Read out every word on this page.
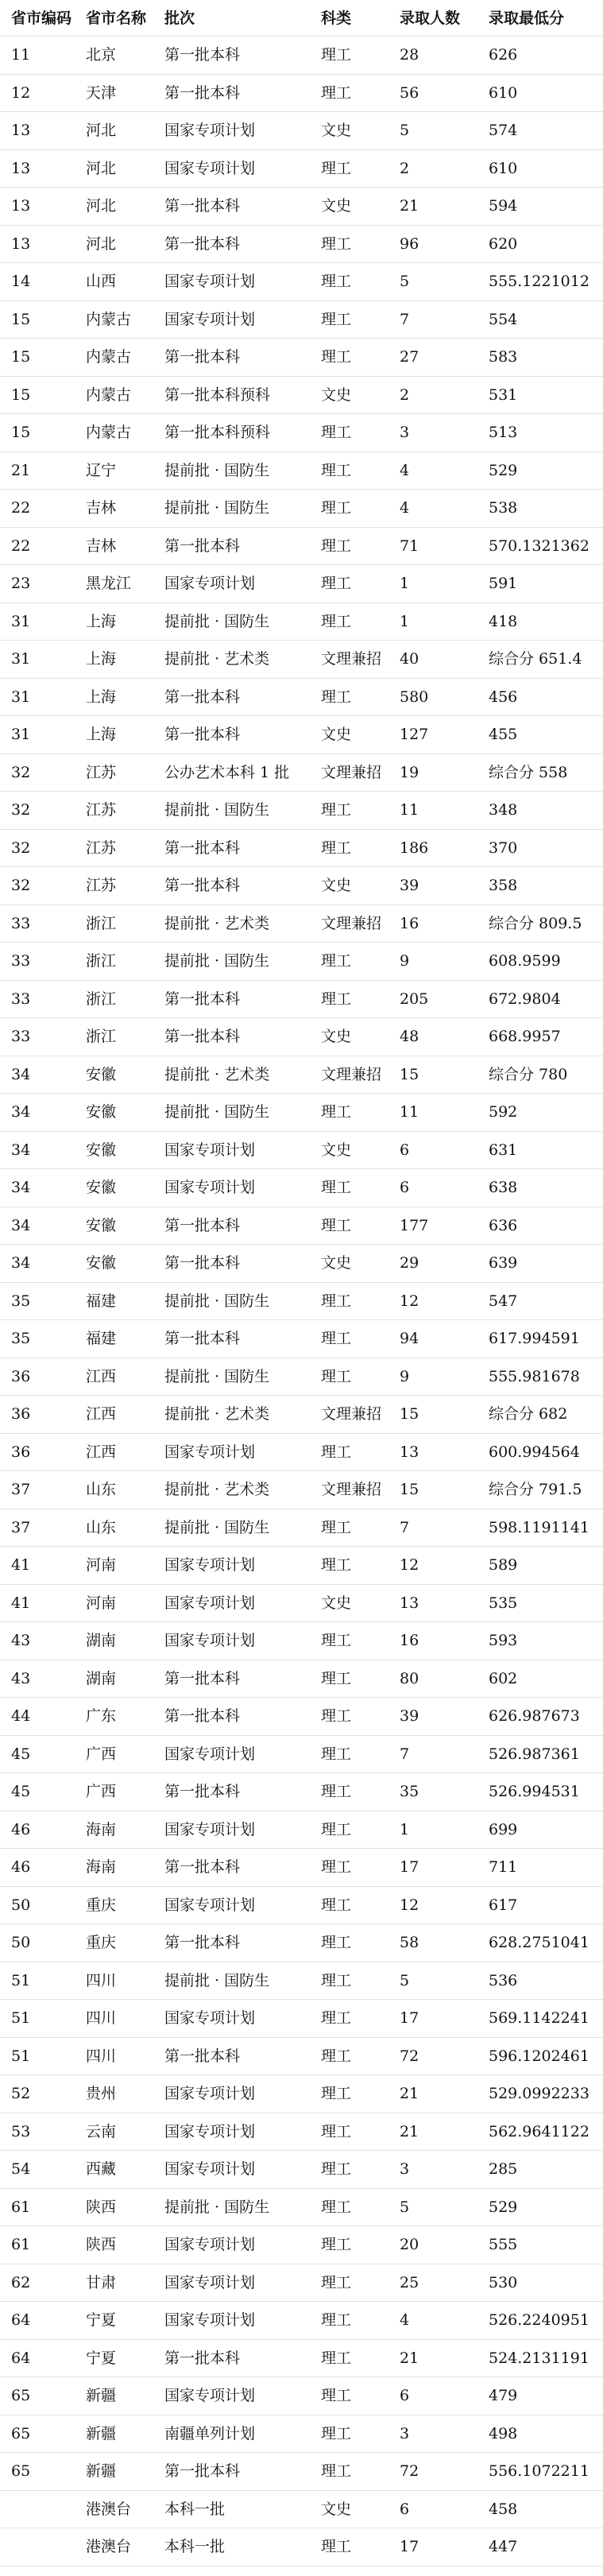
省市编码 省市名称 批次	科类	录取人数 录取最低分
11	北京	第一批本科	理工	28	626
12	天津	第一批本科	理工	56	610
13	河北	国家专项计划	文史	5	574
13	河北	国家专项计划	理工	2	610
13	河北	第一批本科	文史	21	594
13	河北	第一批本科	理工	96	620
14	山西	国家专项计划	理工	5	555.1221012
15	内蒙古 国家专项计划	理工	7	554
15	内蒙古 第一批本科	理工	27	583
15	内蒙古 第一批本科预科	文史	2	531
15	内蒙古 第一批本科预科	理工	3	513
21	辽宁	提前批 · 国防生	理工	4	529
22	吉林	提前批 · 国防生	理工	4	538
22	吉林	第一批本科	理工	71	570.1321362
23	黑龙江 国家专项计划	理工	1	591
31	上海	提前批 · 国防生	理工	1	418
31	上海	提前批 · 艺术类	文理兼招 40	综合分 651.4
31	上海	第一批本科	理工	580	456
31	上海	第一批本科	文史	127	455
32	江苏	公办艺术本科 1 批 文理兼招 19	综合分 558
32	江苏	提前批 · 国防生	理工	11	348
32	江苏	第一批本科	理工	186	370
32	江苏	第一批本科	文史	39	358
33	浙江	提前批 · 艺术类	文理兼招 16	综合分 809.5
33	浙江	提前批 · 国防生	理工	9	608.9599
33	浙江	第一批本科	理工	205	672.9804
33	浙江	第一批本科	文史	48	668.9957
34	安徽	提前批 · 艺术类	文理兼招 15	综合分 780
34	安徽	提前批 · 国防生	理工	11	592
34	安徽	国家专项计划	文史	6	631
34	安徽	国家专项计划	理工	6	638
34	安徽	第一批本科	理工	177	636
34	安徽	第一批本科	文史	29	639
35	福建	提前批 · 国防生	理工	12	547
35	福建	第一批本科	理工	94	617.994591
36	江西	提前批 · 国防生	理工	9	555.981678
36	江西	提前批 · 艺术类	文理兼招 15	综合分 682
36	江西	国家专项计划	理工	13	600.994564
37	山东	提前批 · 艺术类	文理兼招 15	综合分 791.5
37	山东	提前批 · 国防生	理工	7	598.1191141
41	河南	国家专项计划	理工	12	589
41	河南	国家专项计划	文史	13	535
43	湖南	国家专项计划	理工	16	593
43	湖南	第一批本科	理工	80	602
44	广东	第一批本科	理工	39	626.987673
45	广西	国家专项计划	理工	7	526.987361
45	广西	第一批本科	理工	35	526.994531
46	海南	国家专项计划	理工	1	699
46	海南	第一批本科	理工	17	711
50	重庆	国家专项计划	理工	12	617
50	重庆	第一批本科	理工	58	628.2751041
51	四川	提前批 · 国防生	理工	5	536
51	四川	国家专项计划	理工	17	569.1142241
51	四川	第一批本科	理工	72	596.1202461
52	贵州	国家专项计划	理工	21	529.0992233
53	云南	国家专项计划	理工	21	562.9641122
54	西藏	国家专项计划	理工	3	285
61	陕西	提前批 · 国防生	理工	5	529
61	陕西	国家专项计划	理工	20	555
62	甘肃	国家专项计划	理工	25	530
64	宁夏	国家专项计划	理工	4	526.2240951
64	宁夏	第一批本科	理工	21	524.2131191
65	新疆	国家专项计划	理工	6	479
65	新疆	南疆单列计划	理工	3	498
65	新疆	第一批本科	理工	72	556.1072211
港澳台 本科一批	文史	6	458
港澳台 本科一批	理工	17	447
